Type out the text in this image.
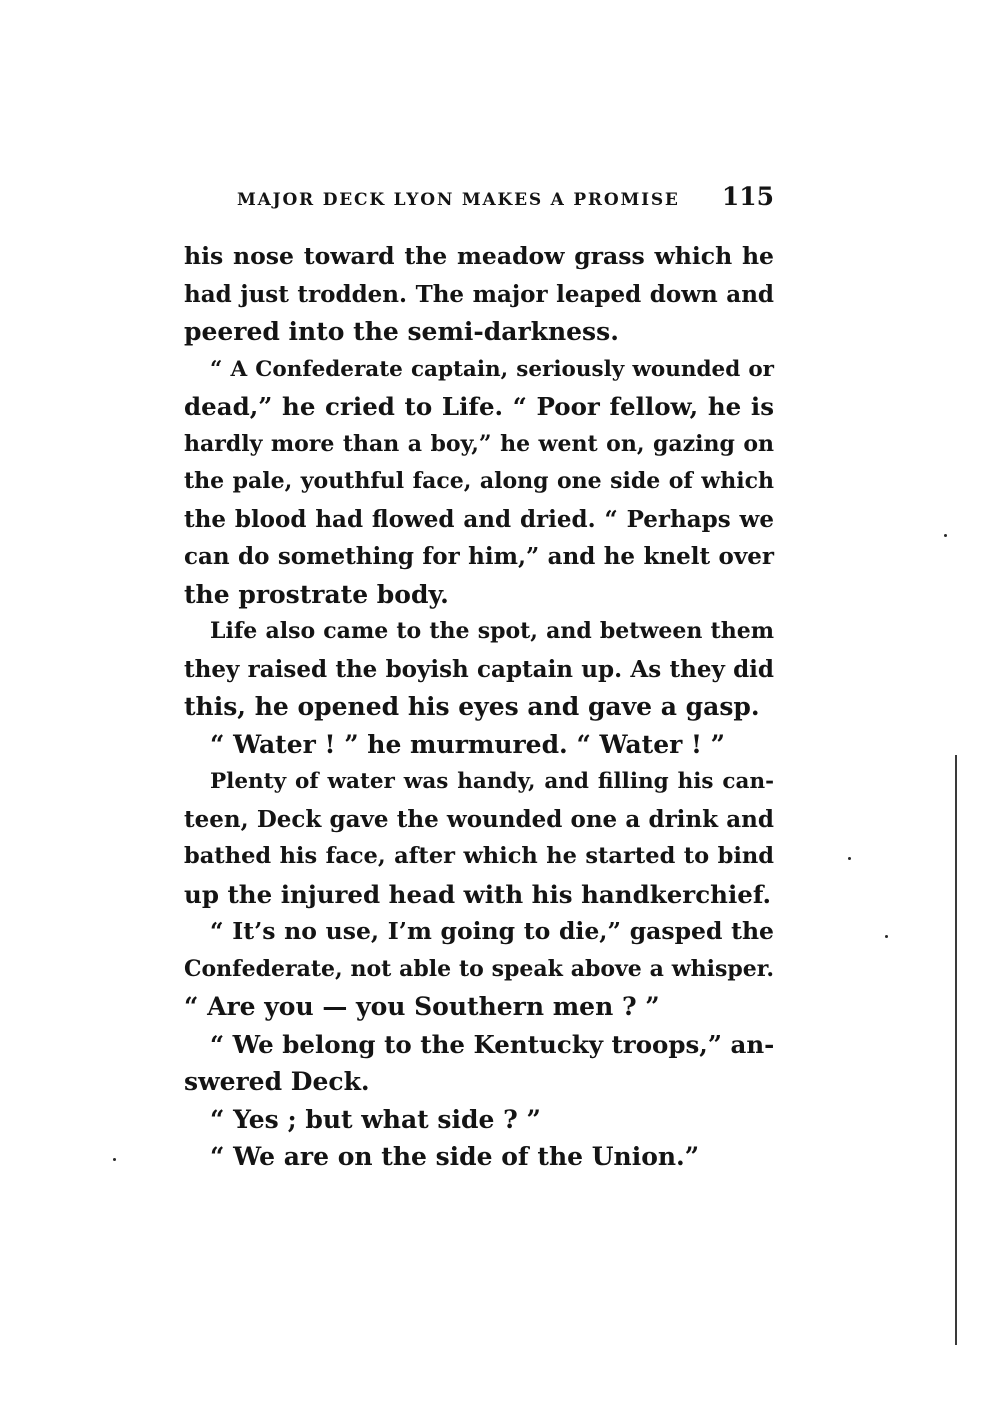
MAJOR DECK LYON MAKES A PROMISE 115
his nose toward the meadow grass which he
had just trodden. The major leaped down and
peered into the semi-darkness.
“ A Confederate captain, seriously wounded or
dead,” he cried to Life. “ Poor fellow, he is
hardly more than a boy,” he went on, gazing on
the pale, youthful face, along one side of which
the blood had flowed and dried. “ Perhaps we
can do something for him,” and he knelt over
the prostrate body.
Life also came to the spot, and between them
they raised the boyish captain up. As they did
this, he opened his eyes and gave a gasp.
“ Water ! ” he murmured. “ Water ! ”
Plenty of water was handy, and filling his can-
teen, Deck gave the wounded one a drink and
bathed his face, after which he started to bind
up the injured head with his handkerchief.
“ It’s no use, I’m going to die,” gasped the
Confederate, not able to speak above a whisper.
“ Are you — you Southern men ? ”
“ We belong to the Kentucky troops,” an-
swered Deck.
“ Yes ; but what side ? ”
“ We are on the side of the Union.”
